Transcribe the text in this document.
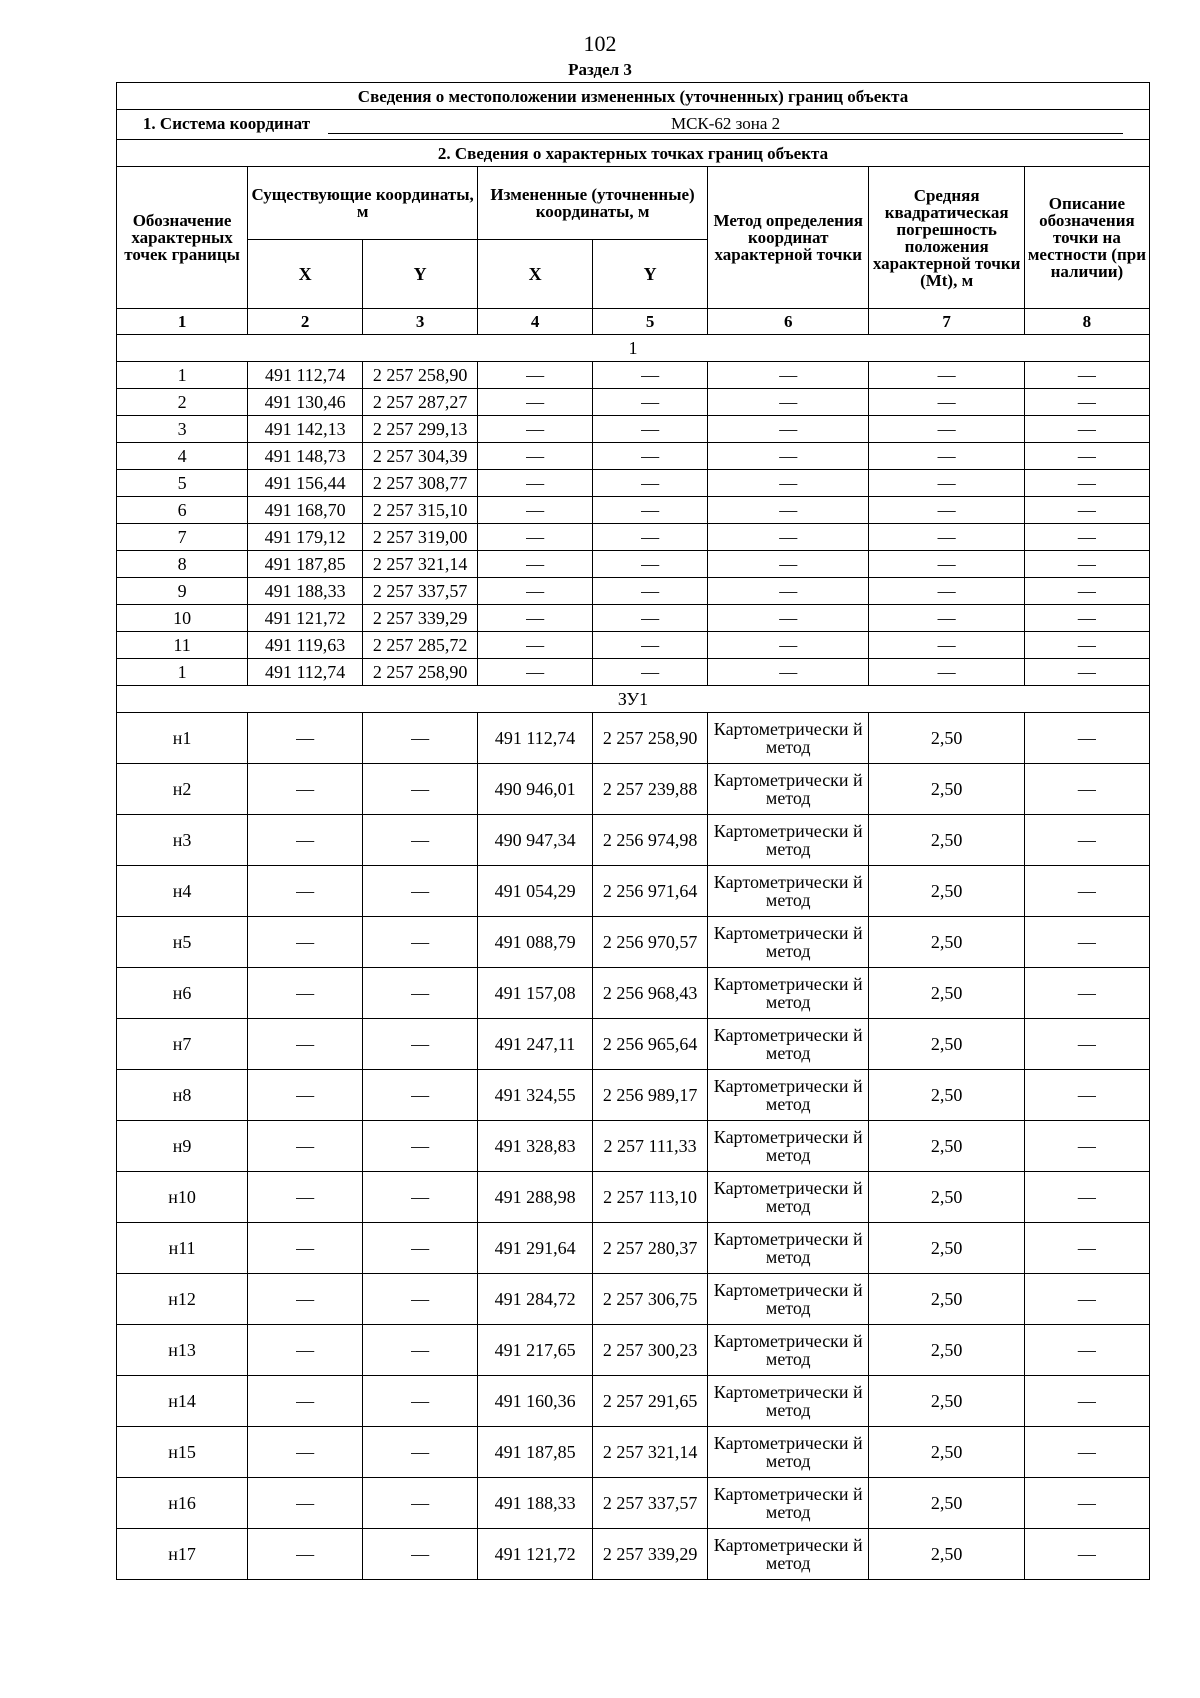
102
Раздел 3
Сведения о местоположении измененных (уточненных) границ объекта							
1. Система координат МСК-62 зона 2							
2. Сведения о характерных точках границ объекта							
Обозначение характерных точек границы	Существующие координаты, м		Измененные (уточненные) координаты, м		Метод определения координат характерной точки	Средняя квадратическая погрешность положения характерной точки (Mt), м	Описание обозначения точки на местности (при наличии)
	X	Y	X	Y			
1	2	3	4	5	6	7	8
1							
1	491 112,74	2 257 258,90	—	—	—	—	—
2	491 130,46	2 257 287,27	—	—	—	—	—
3	491 142,13	2 257 299,13	—	—	—	—	—
4	491 148,73	2 257 304,39	—	—	—	—	—
5	491 156,44	2 257 308,77	—	—	—	—	—
6	491 168,70	2 257 315,10	—	—	—	—	—
7	491 179,12	2 257 319,00	—	—	—	—	—
8	491 187,85	2 257 321,14	—	—	—	—	—
9	491 188,33	2 257 337,57	—	—	—	—	—
10	491 121,72	2 257 339,29	—	—	—	—	—
11	491 119,63	2 257 285,72	—	—	—	—	—
1	491 112,74	2 257 258,90	—	—	—	—	—
ЗУ1							
н1	—	—	491 112,74	2 257 258,90	Картометрически й метод	2,50	—
н2	—	—	490 946,01	2 257 239,88	Картометрически й метод	2,50	—
н3	—	—	490 947,34	2 256 974,98	Картометрически й метод	2,50	—
н4	—	—	491 054,29	2 256 971,64	Картометрически й метод	2,50	—
н5	—	—	491 088,79	2 256 970,57	Картометрически й метод	2,50	—
н6	—	—	491 157,08	2 256 968,43	Картометрически й метод	2,50	—
н7	—	—	491 247,11	2 256 965,64	Картометрически й метод	2,50	—
н8	—	—	491 324,55	2 256 989,17	Картометрически й метод	2,50	—
н9	—	—	491 328,83	2 257 111,33	Картометрически й метод	2,50	—
н10	—	—	491 288,98	2 257 113,10	Картометрически й метод	2,50	—
н11	—	—	491 291,64	2 257 280,37	Картометрически й метод	2,50	—
н12	—	—	491 284,72	2 257 306,75	Картометрически й метод	2,50	—
н13	—	—	491 217,65	2 257 300,23	Картометрически й метод	2,50	—
н14	—	—	491 160,36	2 257 291,65	Картометрически й метод	2,50	—
н15	—	—	491 187,85	2 257 321,14	Картометрически й метод	2,50	—
н16	—	—	491 188,33	2 257 337,57	Картометрически й метод	2,50	—
н17	—	—	491 121,72	2 257 339,29	Картометрически й метод	2,50	—
